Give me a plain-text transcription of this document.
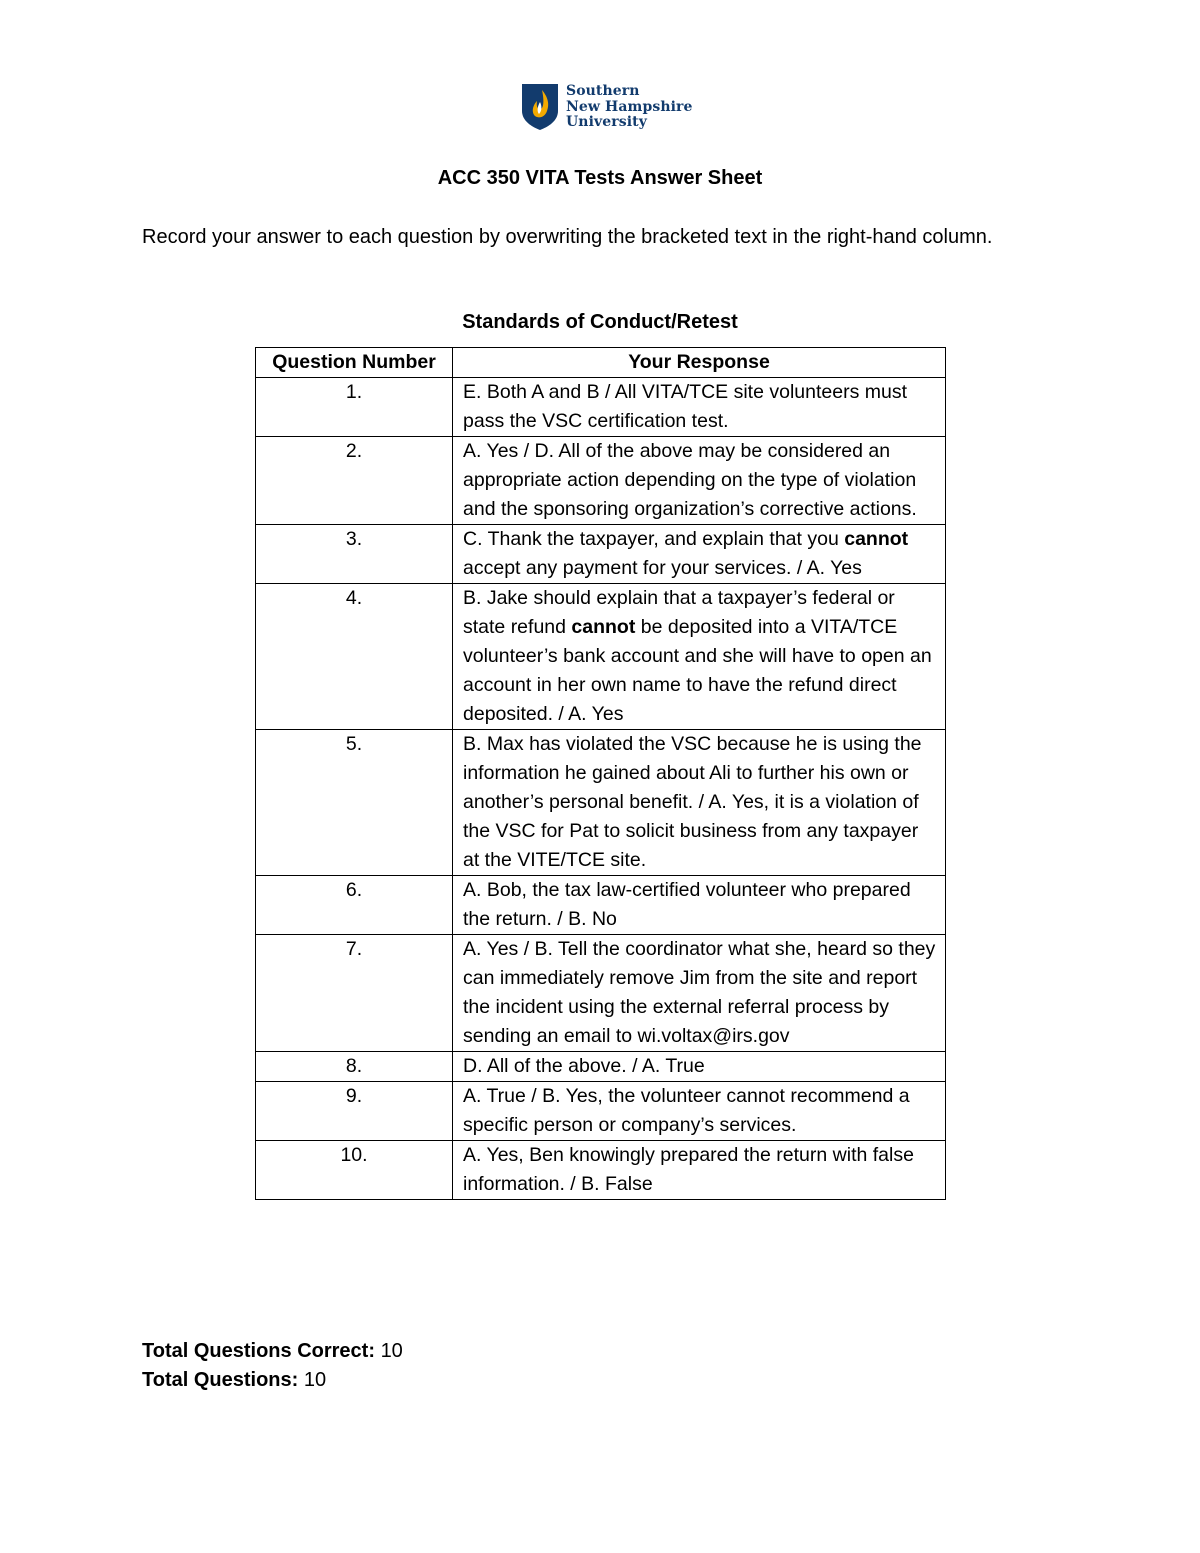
Southern
New Hampshire
University
ACC 350 VITA Tests Answer Sheet
Record your answer to each question by overwriting the bracketed text in the right-hand column.
Standards of Conduct/Retest
Question Number	Your Response
1.	E. Both A and B / All VITA/TCE site volunteers must pass the VSC certification test.
2.	A. Yes / D. All of the above may be considered an appropriate action depending on the type of violation and the sponsoring organization’s corrective actions.
3.	C. Thank the taxpayer, and explain that you cannot accept any payment for your services. / A. Yes
4.	B. Jake should explain that a taxpayer’s federal or state refund cannot be deposited into a VITA/TCE volunteer’s bank account and she will have to open an account in her own name to have the refund direct deposited. / A. Yes
5.	B. Max has violated the VSC because he is using the information he gained about Ali to further his own or another’s personal benefit. / A. Yes, it is a violation of the VSC for Pat to solicit business from any taxpayer at the VITE/TCE site.
6.	A. Bob, the tax law-certified volunteer who prepared the return. / B. No
7.	A. Yes / B. Tell the coordinator what she, heard so they can immediately remove Jim from the site and report the incident using the external referral process by sending an email to wi.voltax@irs.gov
8.	D. All of the above. / A. True
9.	A. True / B. Yes, the volunteer cannot recommend a specific person or company’s services.
10.	A. Yes, Ben knowingly prepared the return with false information. / B. False
Total Questions Correct: 10
Total Questions: 10
